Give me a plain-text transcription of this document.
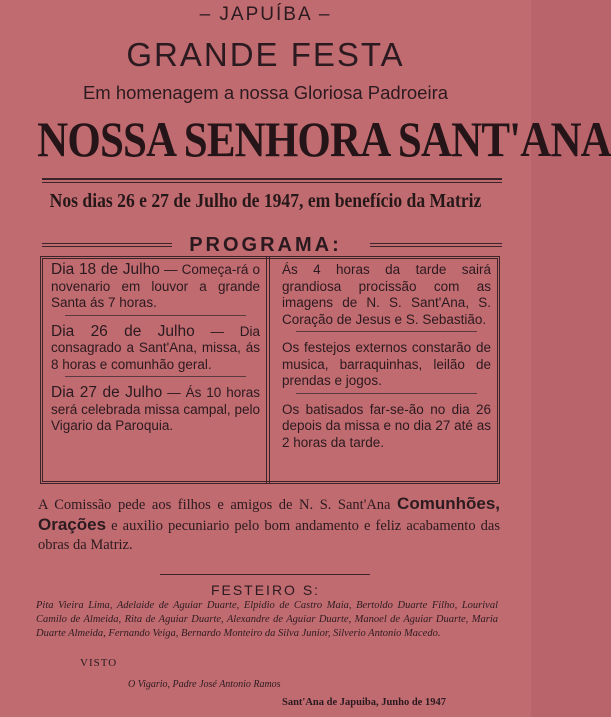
– JAPUÍBA –
GRANDE FESTA
Em homenagem a nossa Gloriosa Padroeira
NOSSA SENHORA SANT'ANA
Nos dias 26 e 27 de Julho de 1947, em benefício da Matriz
PROGRAMA:
Dia 18 de Julho — Começa-rá o novenario em louvor a grande Santa ás 7 horas.
Dia 26 de Julho — Dia consagrado a Sant'Ana, missa, ás 8 horas e comunhão geral.
Dia 27 de Julho — Ás 10 horas será celebrada missa campal, pelo Vigario da Paroquia.
Ás 4 horas da tarde sairá grandiosa procissão com as imagens de N. S. Sant'Ana, S. Coração de Jesus e S. Sebastião.
Os festejos externos constarão de musica, barraquinhas, leilão de prendas e jogos.
Os batisados far-se-ão no dia 26 depois da missa e no dia 27 até as 2 horas da tarde.
A Comissão pede aos filhos e amigos de N. S. Sant'Ana Comunhões, Orações e auxilio pecuniario pelo bom andamento e feliz acabamento das obras da Matriz.
FESTEIRO S:
Pita Vieira Lima, Adelaide de Aguiar Duarte, Elpidio de Castro Maia, Bertoldo Duarte Filho, Lourival Camilo de Almeida, Rita de Aguiar Duarte, Alexandre de Aguiar Duarte, Manoel de Aguiar Duarte, Maria Duarte Almeida, Fernando Veiga, Bernardo Monteiro da Silva Junior, Silverio Antonio Macedo.
VISTO
O Vigario, Padre José Antonio Ramos
Sant'Ana de Japuiba, Junho de 1947
